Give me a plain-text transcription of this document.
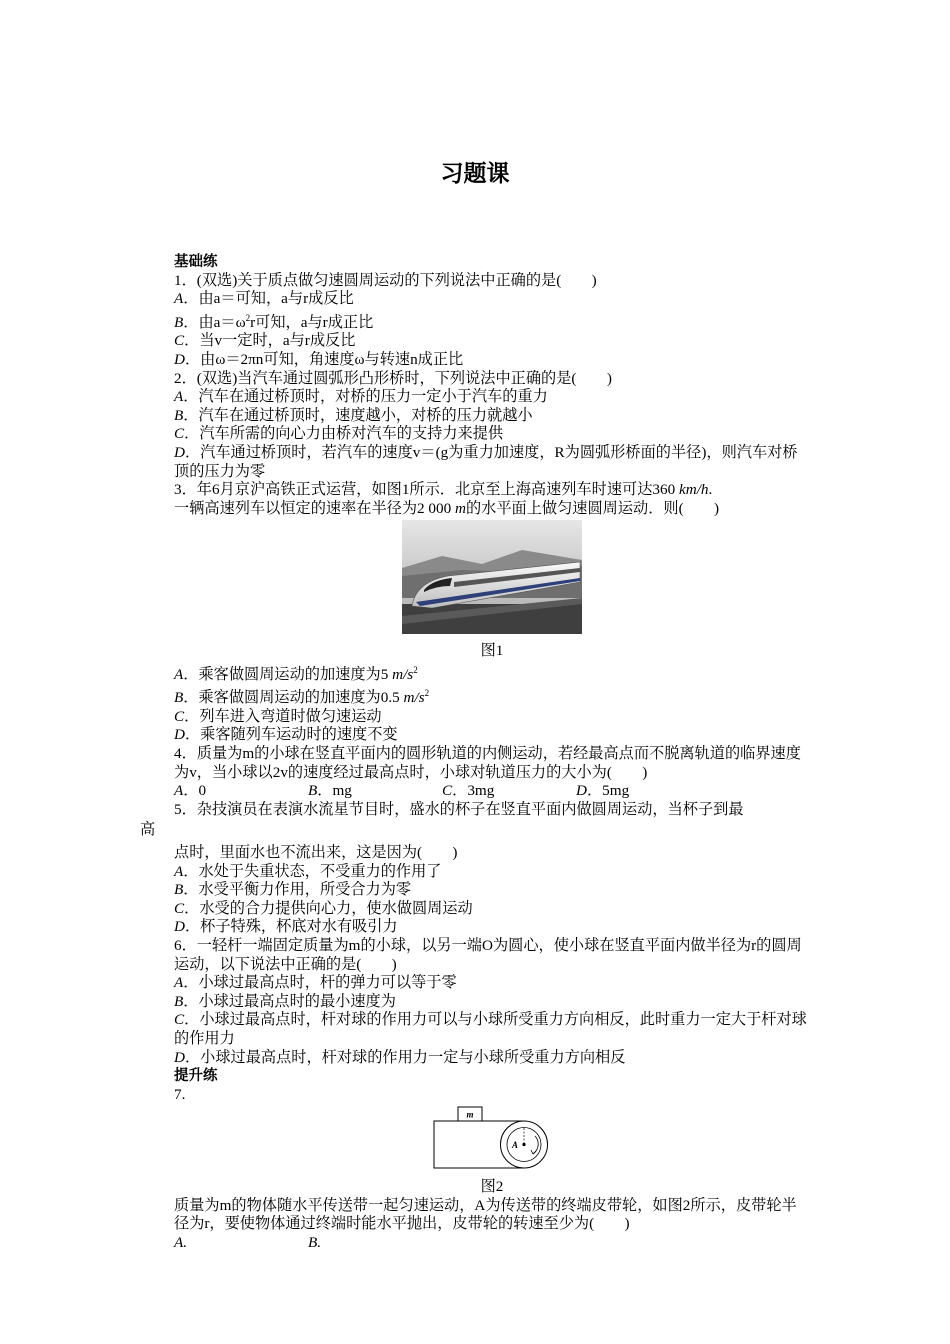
习题课
基础练
1．(双选)关于质点做匀速圆周运动的下列说法中正确的是(　　)
A．由a＝可知，a与r成反比
B．由$a=\omega^2r$可知，a与r成正比
C．当v一定时，a与r成反比
D．由ω＝2πn可知，角速度ω与转速n成正比
2．(双选)当汽车通过圆弧形凸形桥时，下列说法中正确的是(　　)
A．汽车在通过桥顶时，对桥的压力一定小于汽车的重力
B．汽车在通过桥顶时，速度越小，对桥的压力就越小
C．汽车所需的向心力由桥对汽车的支持力来提供
D．汽车通过桥顶时，若汽车的速度v＝(g为重力加速度，R为圆弧形桥面的半径)，则汽车对桥顶的压力为零
3．年6月京沪高铁正式运营，如图1所示．北京至上海高速列车时速可达360 km/h.
一辆高速列车以恒定的速率在半径为2 000 m的水平面上做匀速圆周运动．则(　　)
图1
A．乘客做圆周运动的加速度为5 $m/s^2$
B．乘客做圆周运动的加速度为0.5 $m/s^2$
C．列车进入弯道时做匀速运动
D．乘客随列车运动时的速度不变
4．质量为m的小球在竖直平面内的圆形轨道的内侧运动，若经最高点而不脱离轨道的临界速度为v，当小球以2v的速度经过最高点时，小球对轨道压力的大小为(　　)
A．0	B．mg	C．3mg	D．5mg
5．杂技演员在表演水流星节目时，盛水的杯子在竖直平面内做圆周运动，当杯子到最
高
点时，里面水也不流出来，这是因为(　　)
A．水处于失重状态，不受重力的作用了
B．水受平衡力作用，所受合力为零
C．水受的合力提供向心力，使水做圆周运动
D．杯子特殊，杯底对水有吸引力
6．一轻杆一端固定质量为m的小球，以另一端O为圆心，使小球在竖直平面内做半径为r的圆周运动，以下说法中正确的是(　　)
A．小球过最高点时，杆的弹力可以等于零
B．小球过最高点时的最小速度为
C．小球过最高点时，杆对球的作用力可以与小球所受重力方向相反，此时重力一定大于杆对球的作用力
D．小球过最高点时，杆对球的作用力一定与小球所受重力方向相反
提升练
7.
m
A
图2
质量为m的物体随水平传送带一起匀速运动，A为传送带的终端皮带轮，如图2所示，皮带轮半径为r，要使物体通过终端时能水平抛出，皮带轮的转速至少为(　　)
A.	B.
